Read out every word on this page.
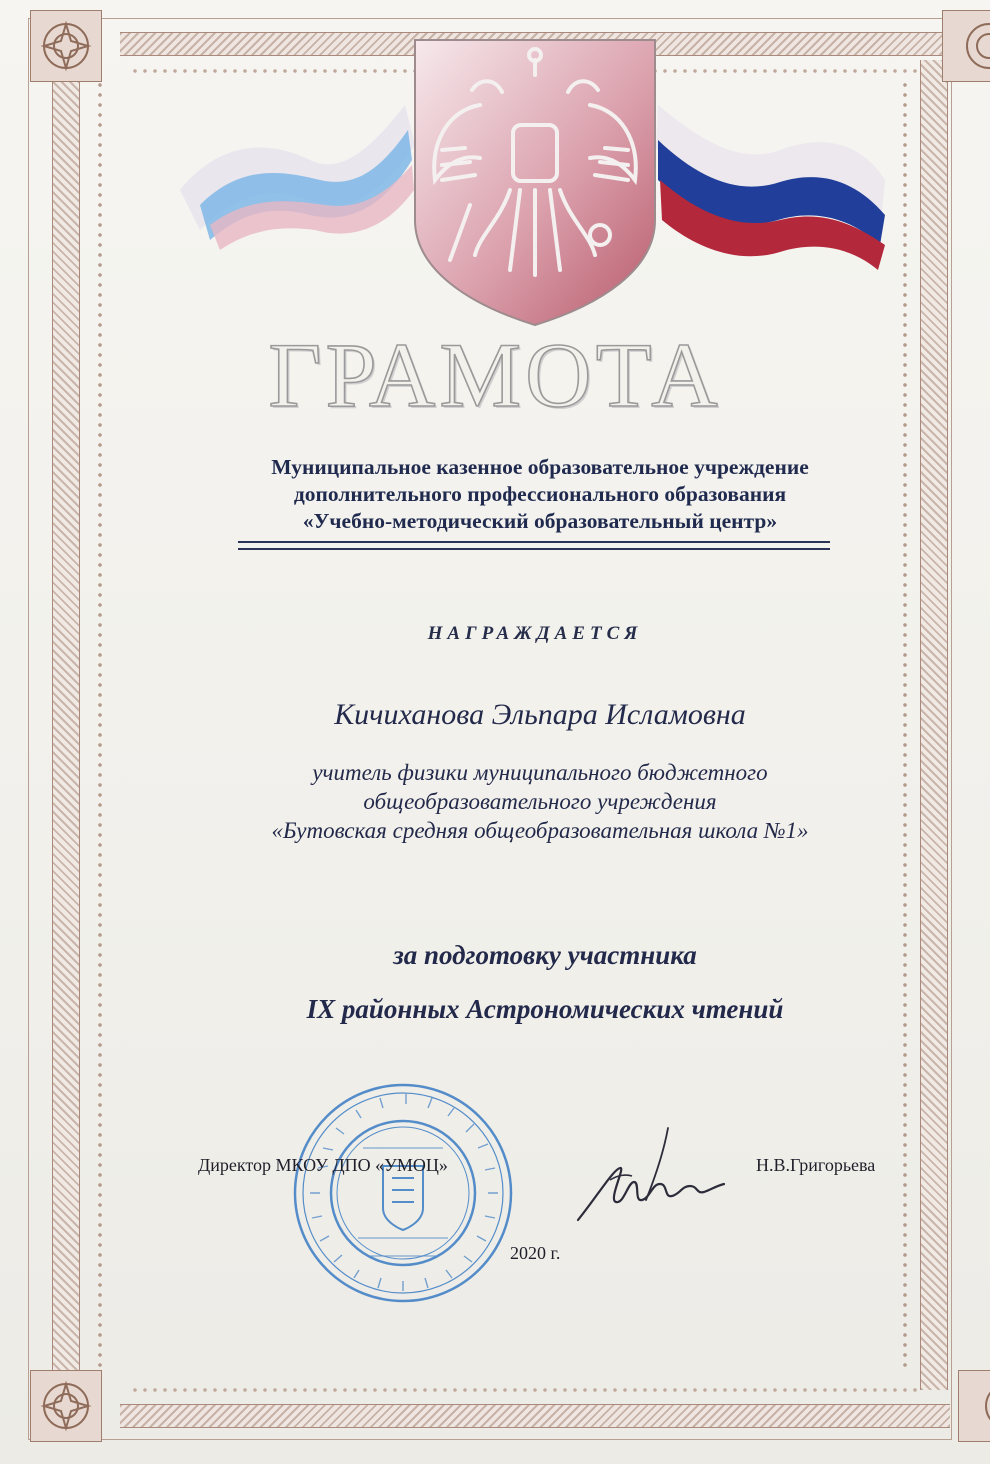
ГРАМОТА
Муниципальное казенное образовательное учреждение
дополнительного профессионального образования
«Учебно-методический образовательный центр»
НАГРАЖДАЕТСЯ
Кичиханова Эльпара Исламовна
учитель физики муниципального бюджетного
общеобразовательного учреждения
«Бутовская средняя общеобразовательная школа №1»
за подготовку участника
IX районных Астрономических чтений
Директор МКОУ ДПО «УМОЦ»	Н.В.Григорьева
2020 г.
